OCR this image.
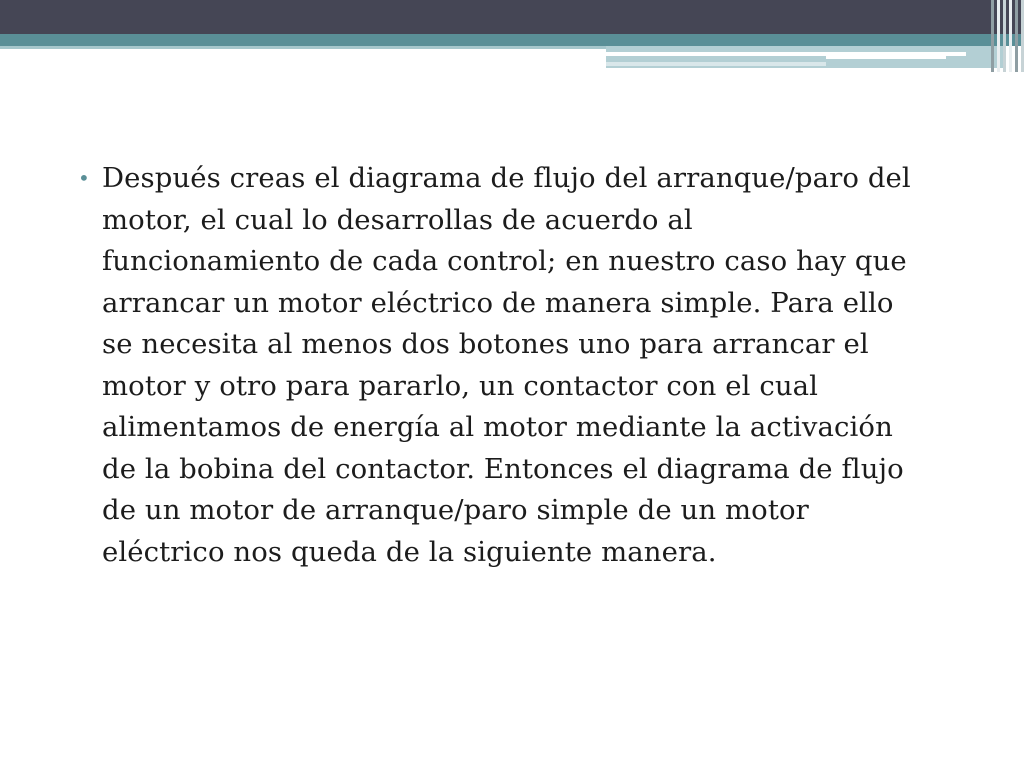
• Después creas el diagrama de flujo del arranque/paro del
motor, el cual lo desarrollas de acuerdo al
funcionamiento de cada control; en nuestro caso hay que
arrancar un motor eléctrico de manera simple. Para ello
se necesita al menos dos botones uno para arrancar el
motor y otro para pararlo, un contactor con el cual
alimentamos de energía al motor mediante la activación
de la bobina del contactor. Entonces el diagrama de flujo
de un motor de arranque/paro simple de un motor
eléctrico nos queda de la siguiente manera.
